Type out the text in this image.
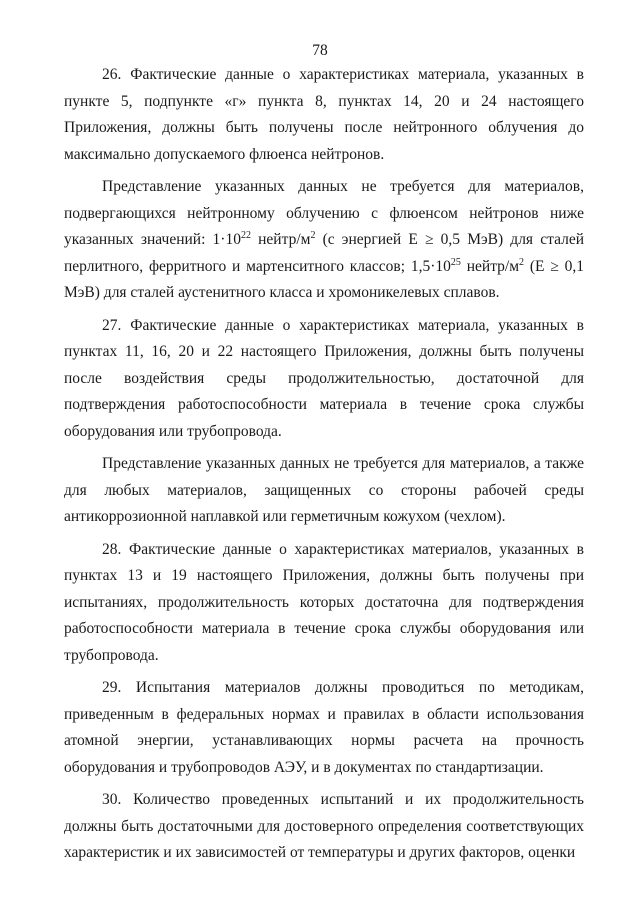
78

26. Фактические данные о характеристиках материала, указанных в пункте 5, подпункте «г» пункта 8, пунктах 14, 20 и 24 настоящего Приложения, должны быть получены после нейтронного облучения до максимально допускаемого флюенса нейтронов.

Представление указанных данных не требуется для материалов, подвергающихся нейтронному облучению с флюенсом нейтронов ниже указанных значений: $1\cdot 10^{22}$ нейтр/$м^2$ (с энергией Е ≥ 0,5 МэВ) для сталей перлитного, ферритного и мартенситного классов; $1,5\cdot 10^{25}$ нейтр/$м^2$ (Е ≥ 0,1 МэВ) для сталей аустенитного класса и хромоникелевых сплавов.

27. Фактические данные о характеристиках материала, указанных в пунктах 11, 16, 20 и 22 настоящего Приложения, должны быть получены после воздействия среды продолжительностью, достаточной для подтверждения работоспособности материала в течение срока службы оборудования или трубопровода.

Представление указанных данных не требуется для материалов, а также для любых материалов, защищенных со стороны рабочей среды антикоррозионной наплавкой или герметичным кожухом (чехлом).

28. Фактические данные о характеристиках материалов, указанных в пунктах 13 и 19 настоящего Приложения, должны быть получены при испытаниях, продолжительность которых достаточна для подтверждения работоспособности материала в течение срока службы оборудования или трубопровода.

29. Испытания материалов должны проводиться по методикам, приведенным в федеральных нормах и правилах в области использования атомной энергии, устанавливающих нормы расчета на прочность оборудования и трубопроводов АЭУ, и в документах по стандартизации.

30. Количество проведенных испытаний и их продолжительность должны быть достаточными для достоверного определения соответствующих характеристик и их зависимостей от температуры и других факторов, оценки
